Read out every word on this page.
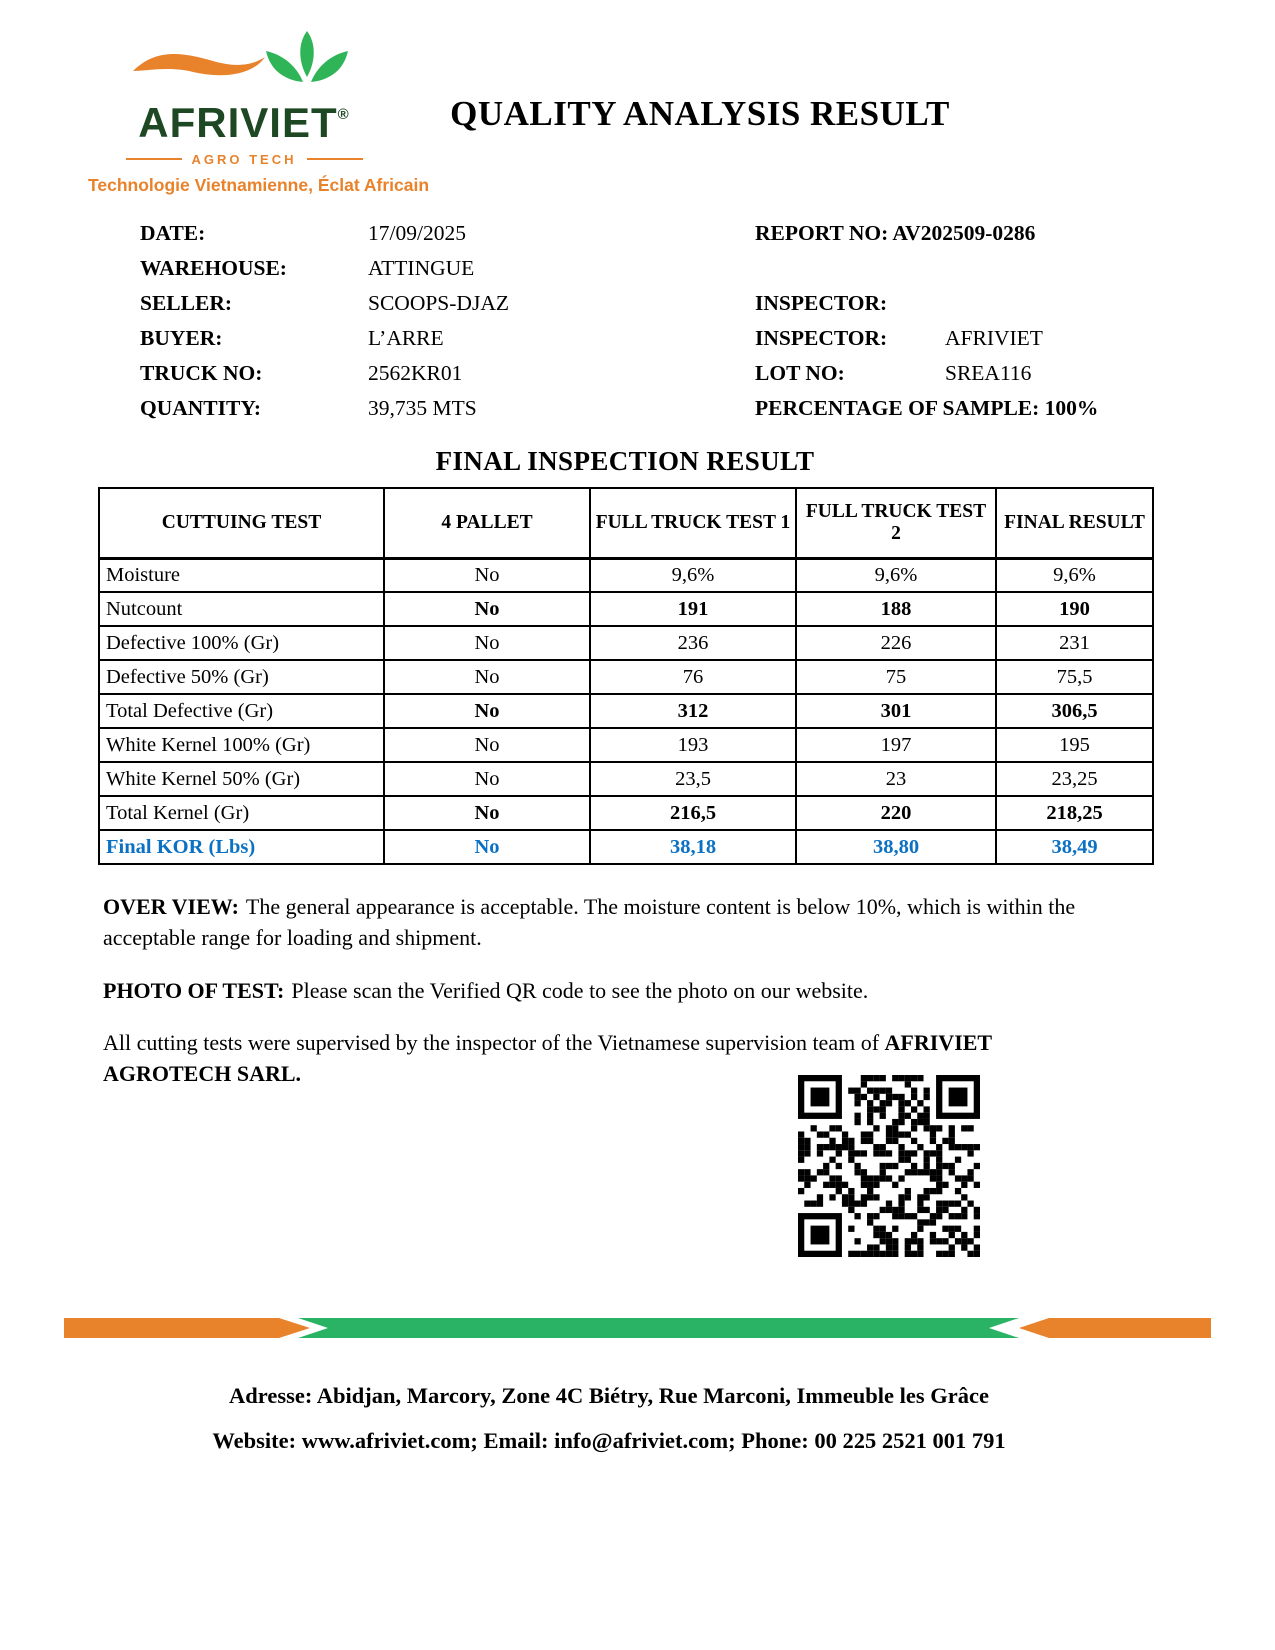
AFRIVIET®
AGRO TECH
Technologie Vietnamienne, Éclat Africain
QUALITY ANALYSIS RESULT
DATE:	17/09/2025	REPORT NO: AV202509-0286
WAREHOUSE:	ATTINGUE
SELLER:	SCOOPS-DJAZ	INSPECTOR:
BUYER:	L’ARRE	INSPECTOR:	AFRIVIET
TRUCK NO:	2562KR01	LOT NO:	SREA116
QUANTITY:	39,735 MTS	PERCENTAGE OF SAMPLE: 100%
FINAL INSPECTION RESULT
CUTTUING TEST	4 PALLET	FULL TRUCK TEST 1	FULL TRUCK TEST 2	FINAL RESULT
Moisture	No	9,6%	9,6%	9,6%
Nutcount	No	191	188	190
Defective 100% (Gr)	No	236	226	231
Defective 50% (Gr)	No	76	75	75,5
Total Defective (Gr)	No	312	301	306,5
White Kernel 100% (Gr)	No	193	197	195
White Kernel 50% (Gr)	No	23,5	23	23,25
Total Kernel (Gr)	No	216,5	220	218,25
Final KOR (Lbs)	No	38,18	38,80	38,49
OVER VIEW: The general appearance is acceptable. The moisture content is below 10%, which is within the acceptable range for loading and shipment.
PHOTO OF TEST: Please scan the Verified QR code to see the photo on our website.
All cutting tests were supervised by the inspector of the Vietnamese supervision team of AFRIVIET AGROTECH SARL.
Adresse: Abidjan, Marcory, Zone 4C Biétry, Rue Marconi, Immeuble les Grâce
Website: www.afriviet.com; Email: info@afriviet.com; Phone: 00 225 2521 001 791
